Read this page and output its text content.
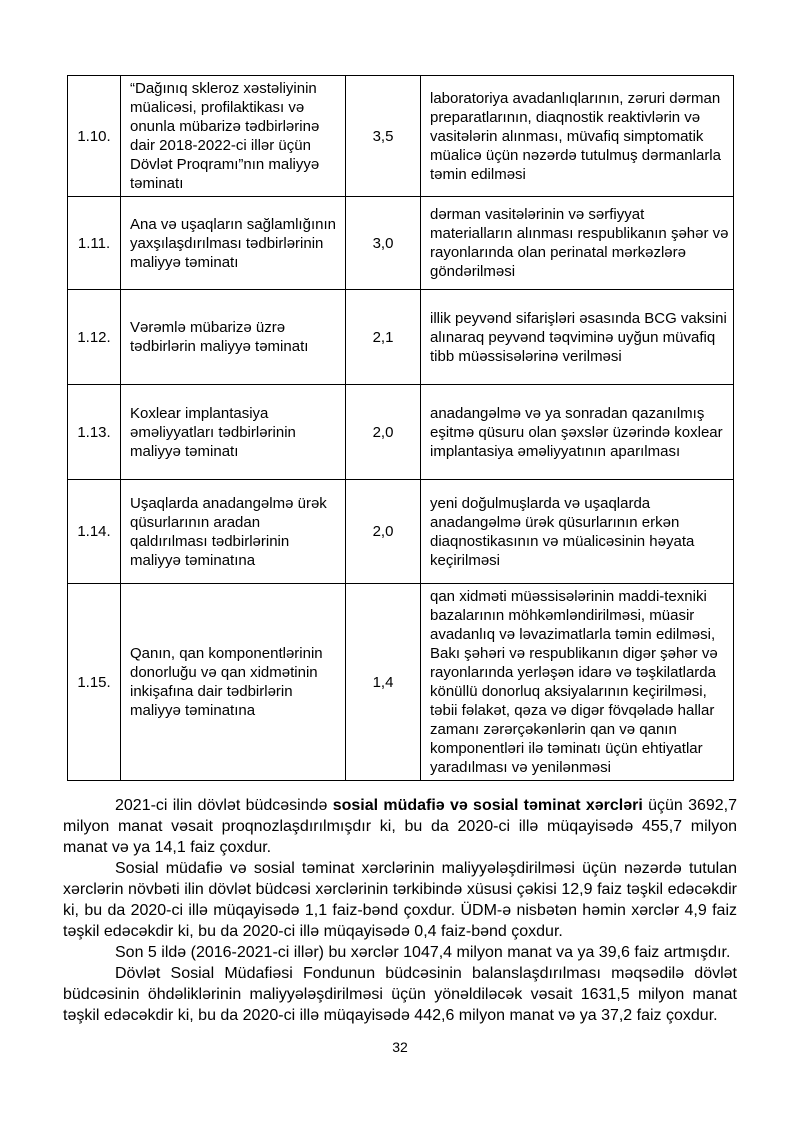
1.10.	“Dağınıq skleroz xəstəliyinin müalicəsi, profilaktikası və onunla mübarizə tədbirlərinə dair 2018-2022-ci illər üçün Dövlət Proqramı”nın maliyyə təminatı	3,5	laboratoriya avadanlıqlarının, zəruri dərman preparatlarının, diaqnostik reaktivlərin və vasitələrin alınması, müvafiq simptomatik müalicə üçün nəzərdə tutulmuş dərmanlarla təmin edilməsi
1.11.	Ana və uşaqların sağlamlığının yaxşılaşdırılması tədbirlərinin maliyyə təminatı	3,0	dərman vasitələrinin və sərfiyyat materialların alınması respublikanın şəhər və rayonlarında olan perinatal mərkəzlərə göndərilməsi
1.12.	Vərəmlə mübarizə üzrə tədbirlərin maliyyə təminatı	2,1	illik peyvənd sifarişləri əsasında BCG vaksini alınaraq peyvənd təqviminə uyğun müvafiq tibb müəssisələrinə verilməsi
1.13.	Koxlear implantasiya əməliyyatları tədbirlərinin maliyyə təminatı	2,0	anadangəlmə və ya sonradan qazanılmış eşitmə qüsuru olan şəxslər üzərində koxlear implantasiya əməliyyatının aparılması
1.14.	Uşaqlarda anadangəlmə ürək qüsurlarının aradan qaldırılması tədbirlərinin maliyyə təminatına	2,0	yeni doğulmuşlarda və uşaqlarda anadangəlmə ürək qüsurlarının erkən diaqnostikasının və müalicəsinin həyata keçirilməsi
1.15.	Qanın, qan komponentlərinin donorluğu və qan xidmətinin inkişafına dair tədbirlərin maliyyə təminatına	1,4	qan xidməti müəssisələrinin maddi-texniki bazalarının möhkəmləndirilməsi, müasir avadanlıq və ləvazimatlarla təmin edilməsi, Bakı şəhəri və respublikanın digər şəhər və rayonlarında yerləşən idarə və təşkilatlarda könüllü donorluq aksiyalarının keçirilməsi, təbii fəlakət, qəza və digər fövqəladə hallar zamanı zərərçəkənlərin qan və qanın komponentləri ilə təminatı üçün ehtiyatlar yaradılması və yenilənməsi

2021-ci ilin dövlət büdcəsində sosial müdafiə və sosial təminat xərcləri üçün 3692,7 milyon manat vəsait proqnozlaşdırılmışdır ki, bu da 2020-ci illə müqayisədə 455,7 milyon manat və ya 14,1 faiz çoxdur.

Sosial müdafiə və sosial təminat xərclərinin maliyyələşdirilməsi üçün nəzərdə tutulan xərclərin növbəti ilin dövlət büdcəsi xərclərinin tərkibində xüsusi çəkisi 12,9 faiz təşkil edəcəkdir ki, bu da 2020-ci illə müqayisədə 1,1 faiz-bənd çoxdur. ÜDM-ə nisbətən həmin xərclər 4,9 faiz təşkil edəcəkdir ki, bu da 2020-ci illə müqayisədə 0,4 faiz-bənd çoxdur.

Son 5 ildə (2016-2021-ci illər) bu xərclər 1047,4 milyon manat va ya 39,6 faiz artmışdır.

Dövlət Sosial Müdafiəsi Fondunun büdcəsinin balanslaşdırılması məqsədilə dövlət büdcəsinin öhdəliklərinin maliyyələşdirilməsi üçün yönəldiləcək vəsait 1631,5 milyon manat təşkil edəcəkdir ki, bu da 2020-ci illə müqayisədə 442,6 milyon manat və ya 37,2 faiz çoxdur.

32
